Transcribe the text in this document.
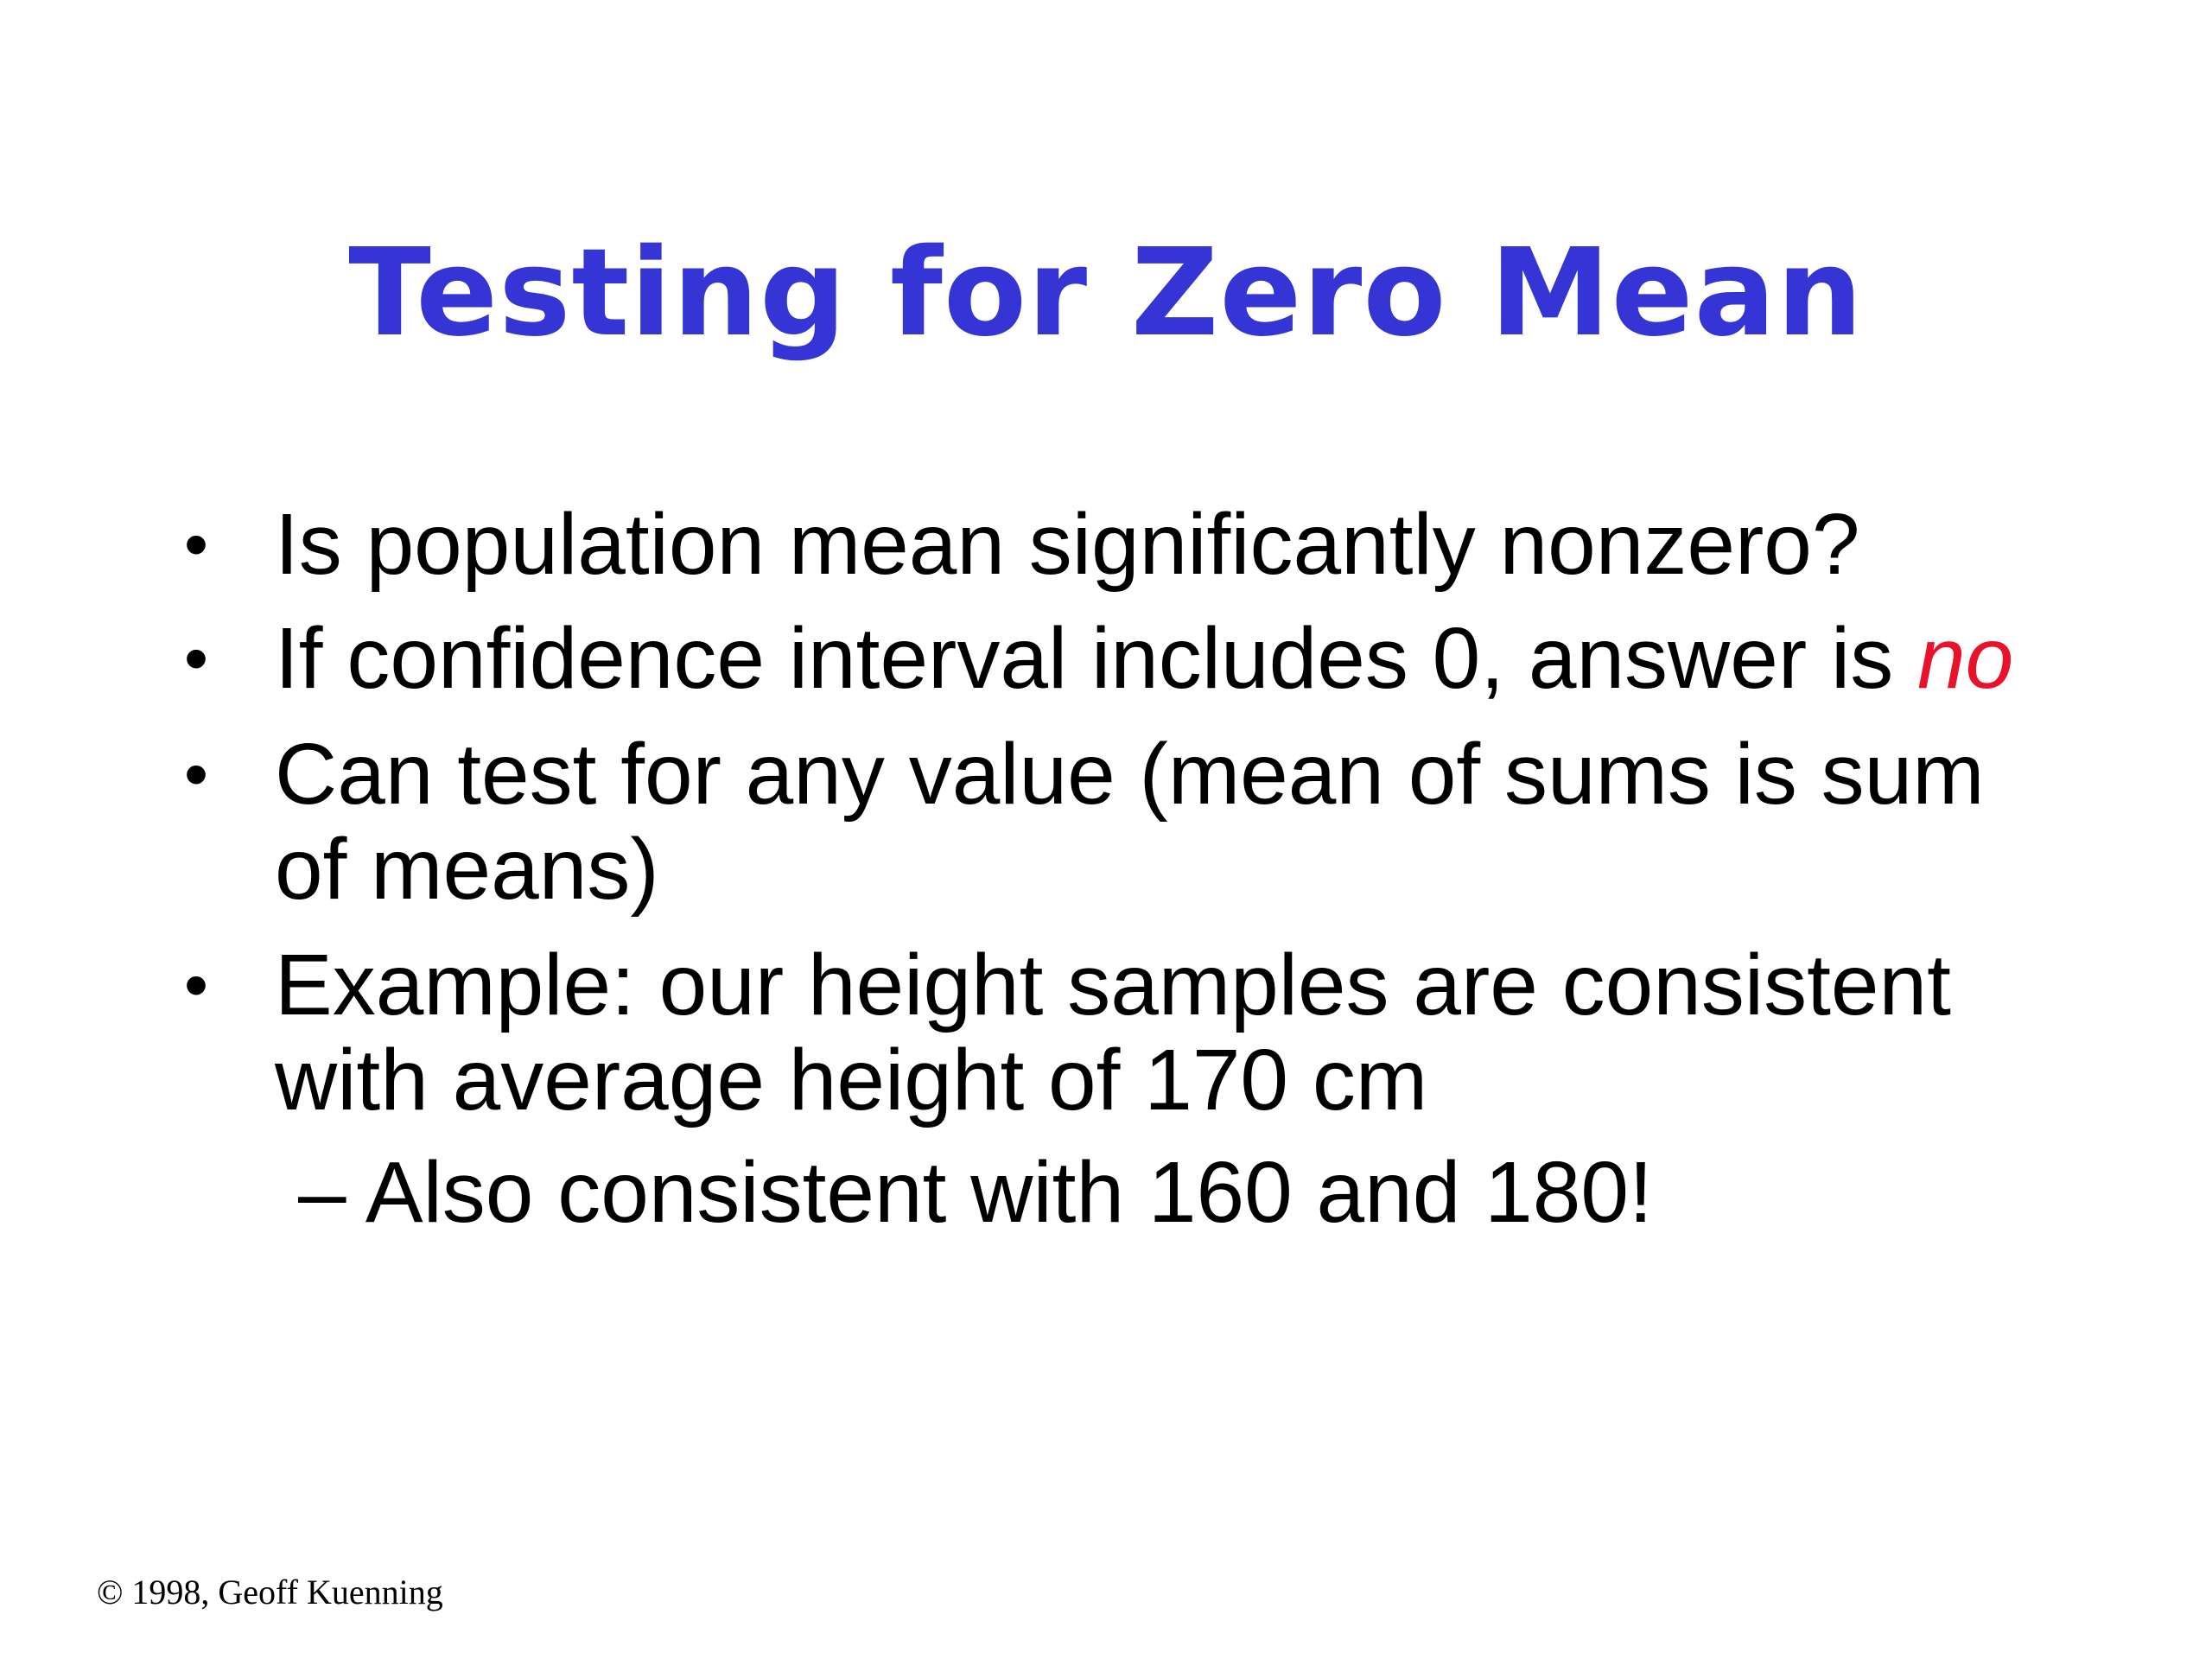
Testing for Zero Mean
• Is population mean significantly nonzero?
• If confidence interval includes 0, answer is no
• Can test for any value (mean of sums is sum of means)
• Example: our height samples are consistent with average height of 170 cm
– Also consistent with 160 and 180!
© 1998, Geoff Kuenning
